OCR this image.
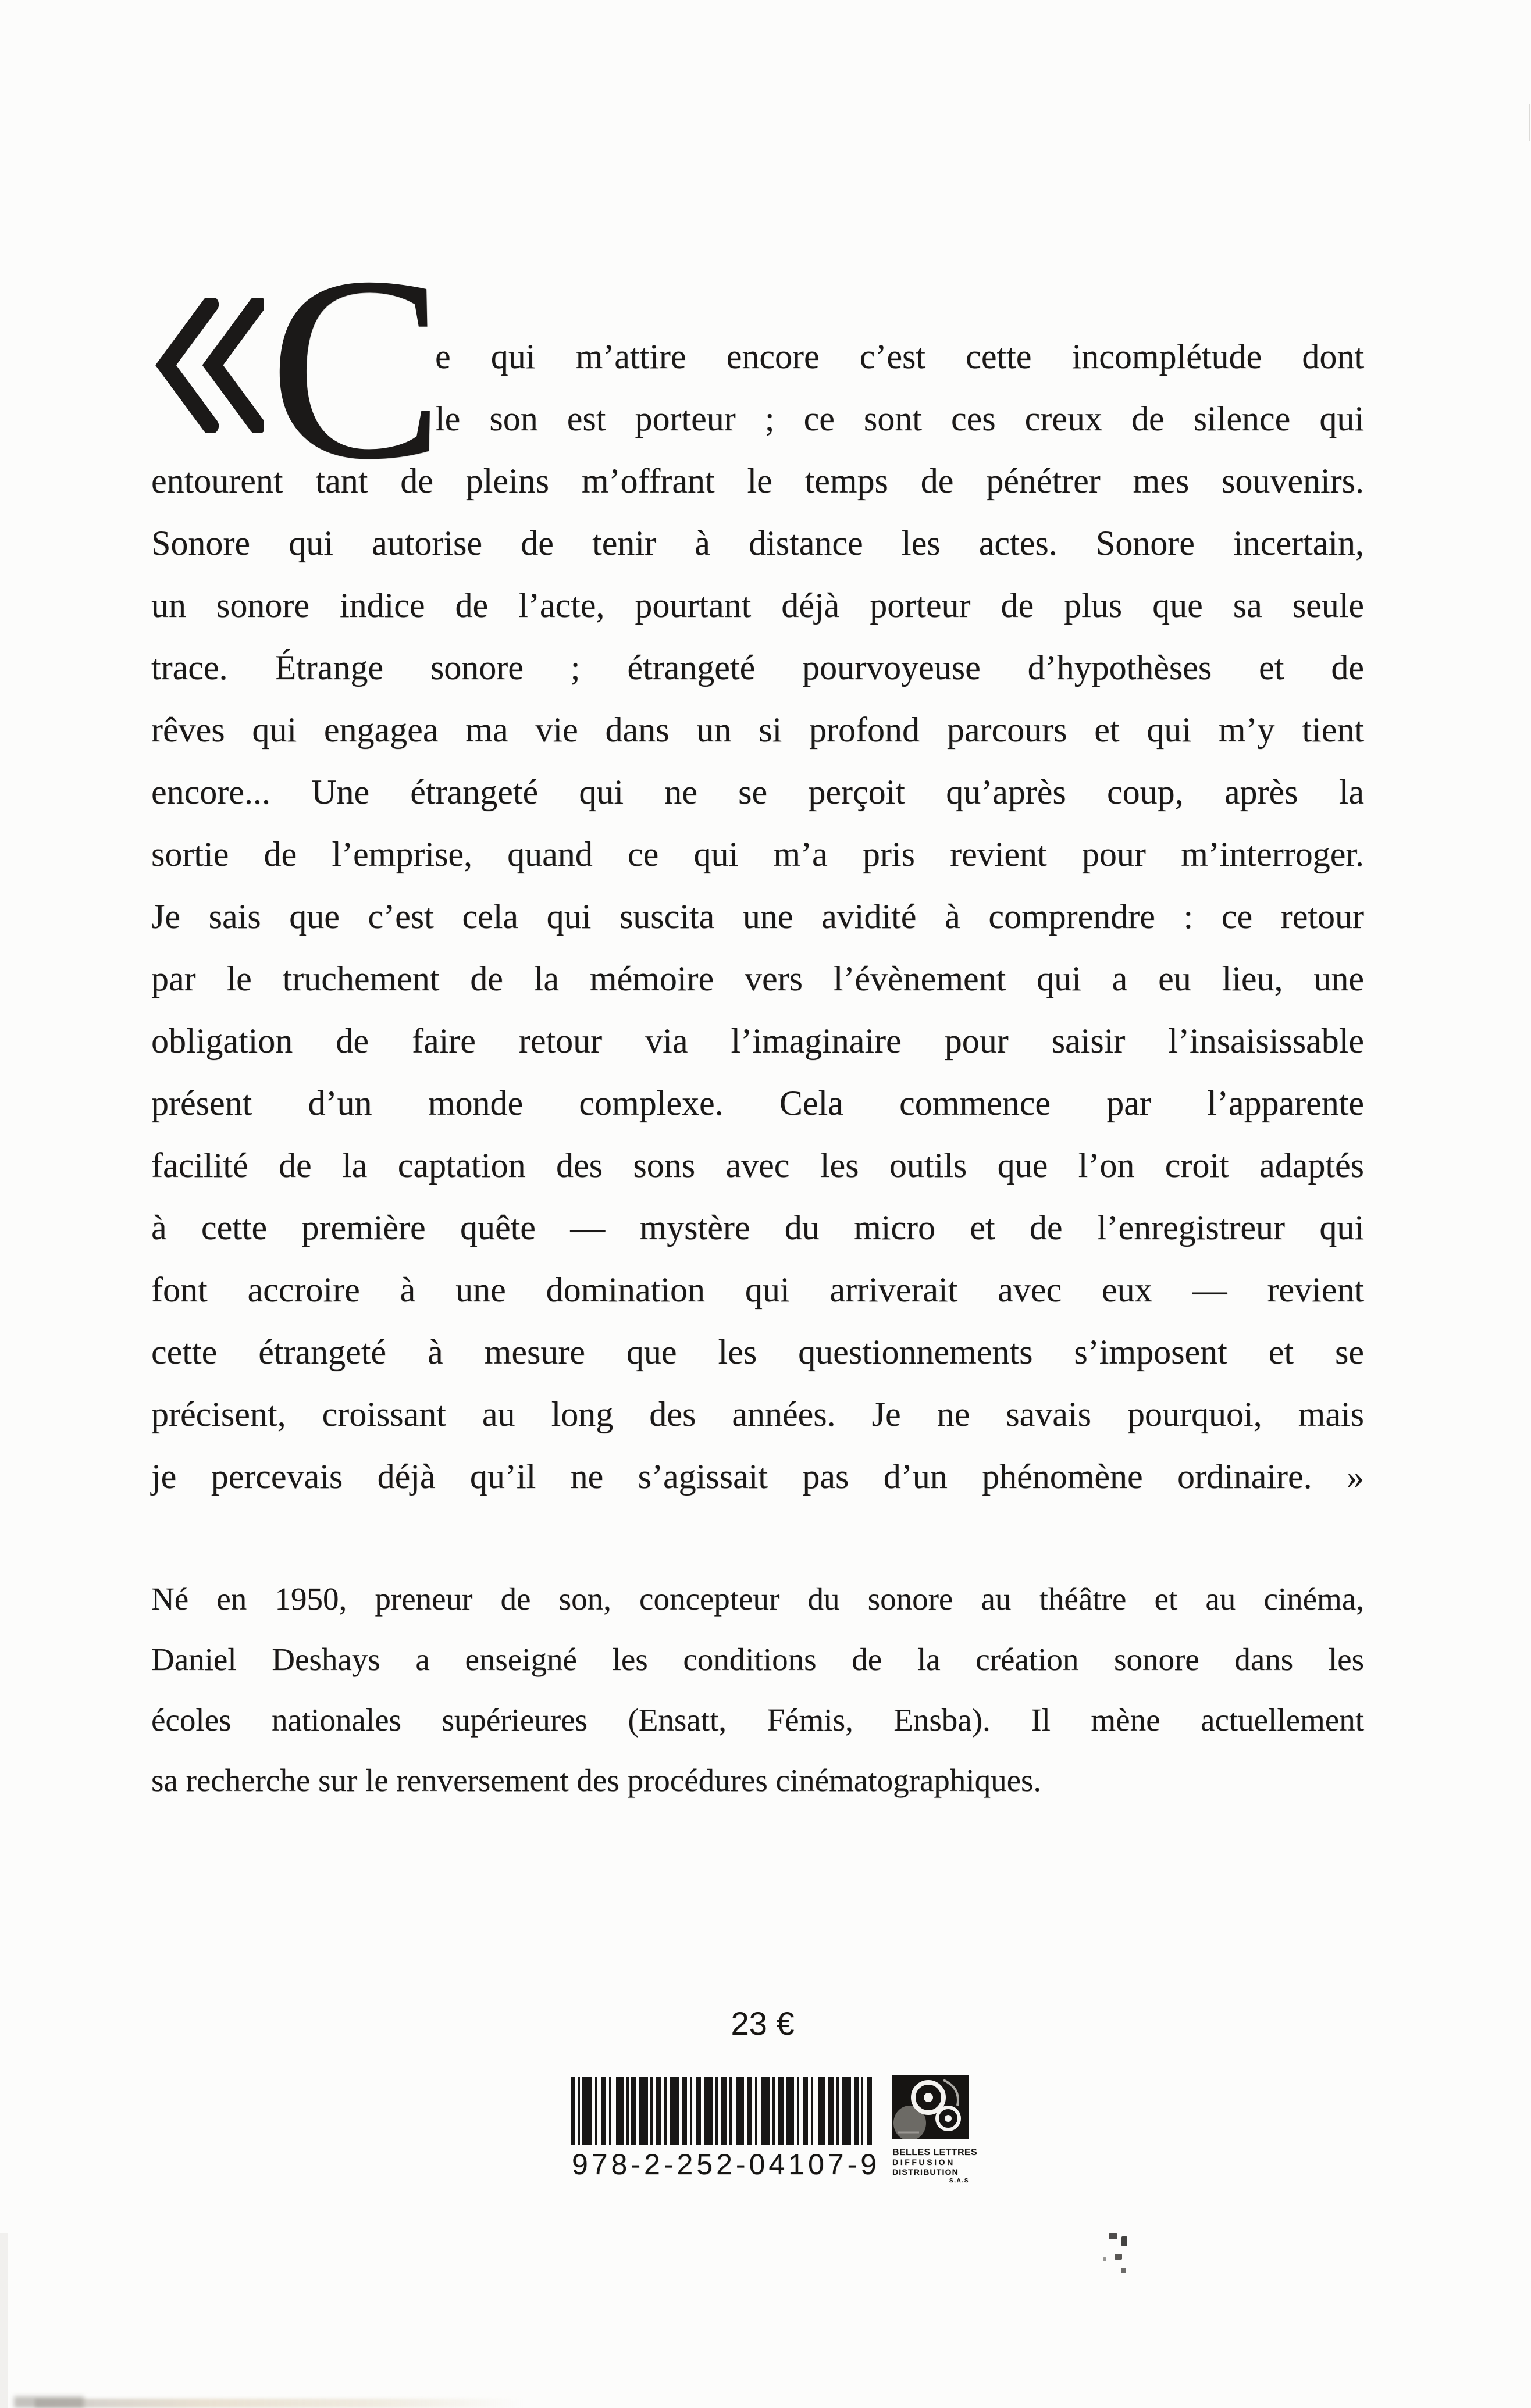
C
e qui m’attire encore c’est cette incomplétude dont
le son est porteur ; ce sont ces creux de silence qui
entourent tant de pleins m’offrant le temps de pénétrer mes souvenirs.
Sonore qui autorise de tenir à distance les actes. Sonore incertain,
un sonore indice de l’acte, pourtant déjà porteur de plus que sa seule
trace. Étrange sonore ; étrangeté pourvoyeuse d’hypothèses et de
rêves qui engagea ma vie dans un si profond parcours et qui m’y tient
encore... Une étrangeté qui ne se perçoit qu’après coup, après la
sortie de l’emprise, quand ce qui m’a pris revient pour m’interroger.
Je sais que c’est cela qui suscita une avidité à comprendre : ce retour
par le truchement de la mémoire vers l’évènement qui a eu lieu, une
obligation de faire retour via l’imaginaire pour saisir l’insaisissable
présent d’un monde complexe. Cela commence par l’apparente
facilité de la captation des sons avec les outils que l’on croit adaptés
à cette première quête — mystère du micro et de l’enregistreur qui
font accroire à une domination qui arriverait avec eux — revient
cette étrangeté à mesure que les questionnements s’imposent et se
précisent, croissant au long des années. Je ne savais pourquoi, mais
je percevais déjà qu’il ne s’agissait pas d’un phénomène ordinaire. »
Né en 1950, preneur de son, concepteur du sonore au théâtre et au cinéma,
Daniel Deshays a enseigné les conditions de la création sonore dans les
écoles nationales supérieures (Ensatt, Fémis, Ensba). Il mène actuellement
sa recherche sur le renversement des procédures cinématographiques.
23 €
978-2-252-04107-9	BELLES LETTRES
DIFFUSION
DISTRIBUTION
S.A.S
